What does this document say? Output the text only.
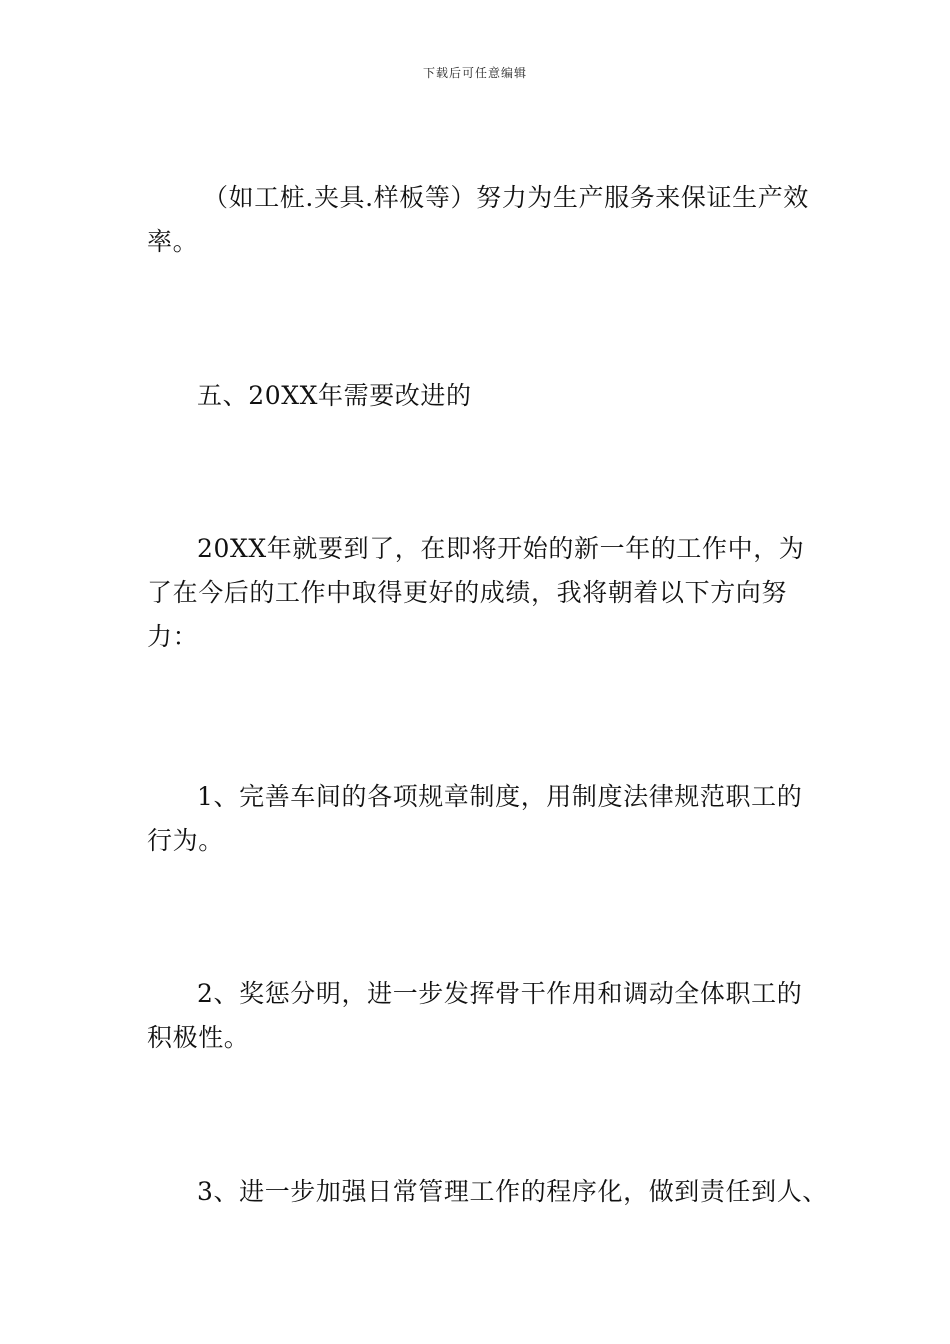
下载后可任意编辑

（如工桩.夹具.样板等）努力为生产服务来保证生产效率。

五、20XX年需要改进的

20XX年就要到了，在即将开始的新一年的工作中，为了在今后的工作中取得更好的成绩，我将朝着以下方向努力：

1、完善车间的各项规章制度，用制度法律规范职工的行为。

2、奖惩分明，进一步发挥骨干作用和调动全体职工的积极性。

3、进一步加强日常管理工作的程序化，做到责任到人、
